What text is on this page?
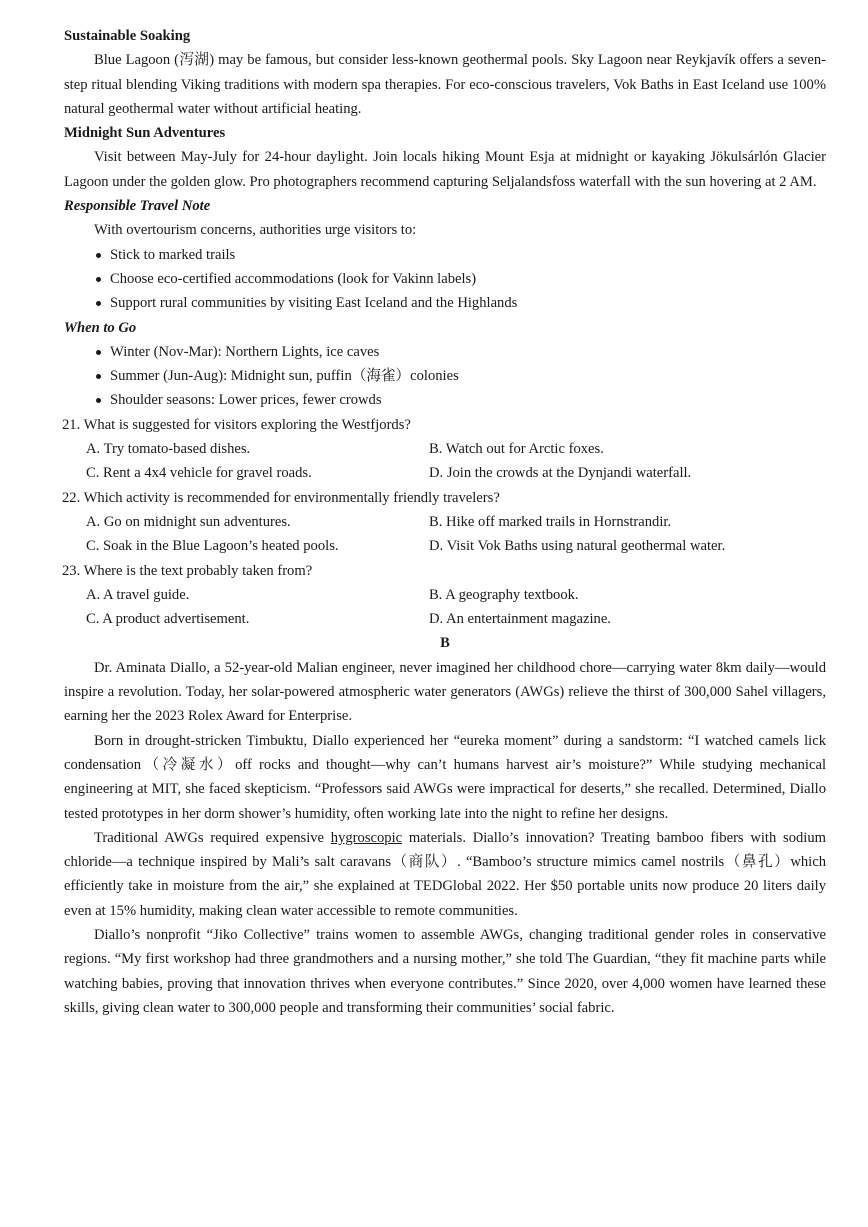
Sustainable Soaking

Blue Lagoon (泻湖) may be famous, but consider less-known geothermal pools. Sky Lagoon near Reykjavík offers a seven-step ritual blending Viking traditions with modern spa therapies. For eco-conscious travelers, Vok Baths in East Iceland use 100% natural geothermal water without artificial heating.

Midnight Sun Adventures

Visit between May-July for 24-hour daylight. Join locals hiking Mount Esja at midnight or kayaking Jökulsárlón Glacier Lagoon under the golden glow. Pro photographers recommend capturing Seljalandsfoss waterfall with the sun hovering at 2 AM.

Responsible Travel Note

With overtourism concerns, authorities urge visitors to:

Stick to marked trails
Choose eco-certified accommodations (look for Vakinn labels)
Support rural communities by visiting East Iceland and the Highlands

When to Go

Winter (Nov-Mar): Northern Lights, ice caves
Summer (Jun-Aug): Midnight sun, puffin（海雀）colonies
Shoulder seasons: Lower prices, fewer crowds

21. What is suggested for visitors exploring the Westfjords?

A. Try tomato-based dishes.	B. Watch out for Arctic foxes.
C. Rent a 4x4 vehicle for gravel roads.	D. Join the crowds at the Dynjandi waterfall.

22. Which activity is recommended for environmentally friendly travelers?

A. Go on midnight sun adventures.	B. Hike off marked trails in Hornstrandir.
C. Soak in the Blue Lagoon’s heated pools.	D. Visit Vok Baths using natural geothermal water.

23. Where is the text probably taken from?

A. A travel guide.	B. A geography textbook.
C. A product advertisement.	D. An entertainment magazine.

B

Dr. Aminata Diallo, a 52-year-old Malian engineer, never imagined her childhood chore—carrying water 8km daily—would inspire a revolution. Today, her solar-powered atmospheric water generators (AWGs) relieve the thirst of 300,000 Sahel villagers, earning her the 2023 Rolex Award for Enterprise.

Born in drought-stricken Timbuktu, Diallo experienced her “eureka moment” during a sandstorm: “I watched camels lick condensation（冷凝水）off rocks and thought—why can’t humans harvest air’s moisture?” While studying mechanical engineering at MIT, she faced skepticism. “Professors said AWGs were impractical for deserts,” she recalled. Determined, Diallo tested prototypes in her dorm shower’s humidity, often working late into the night to refine her designs.

Traditional AWGs required expensive hygroscopic materials. Diallo’s innovation? Treating bamboo fibers with sodium chloride—a technique inspired by Mali’s salt caravans（商队）. “Bamboo’s structure mimics camel nostrils（鼻孔）which efficiently take in moisture from the air,” she explained at TEDGlobal 2022. Her $50 portable units now produce 20 liters daily even at 15% humidity, making clean water accessible to remote communities.

Diallo’s nonprofit “Jiko Collective” trains women to assemble AWGs, changing traditional gender roles in conservative regions. “My first workshop had three grandmothers and a nursing mother,” she told The Guardian, “they fit machine parts while watching babies, proving that innovation thrives when everyone contributes.” Since 2020, over 4,000 women have learned these skills, giving clean water to 300,000 people and transforming their communities’ social fabric.
